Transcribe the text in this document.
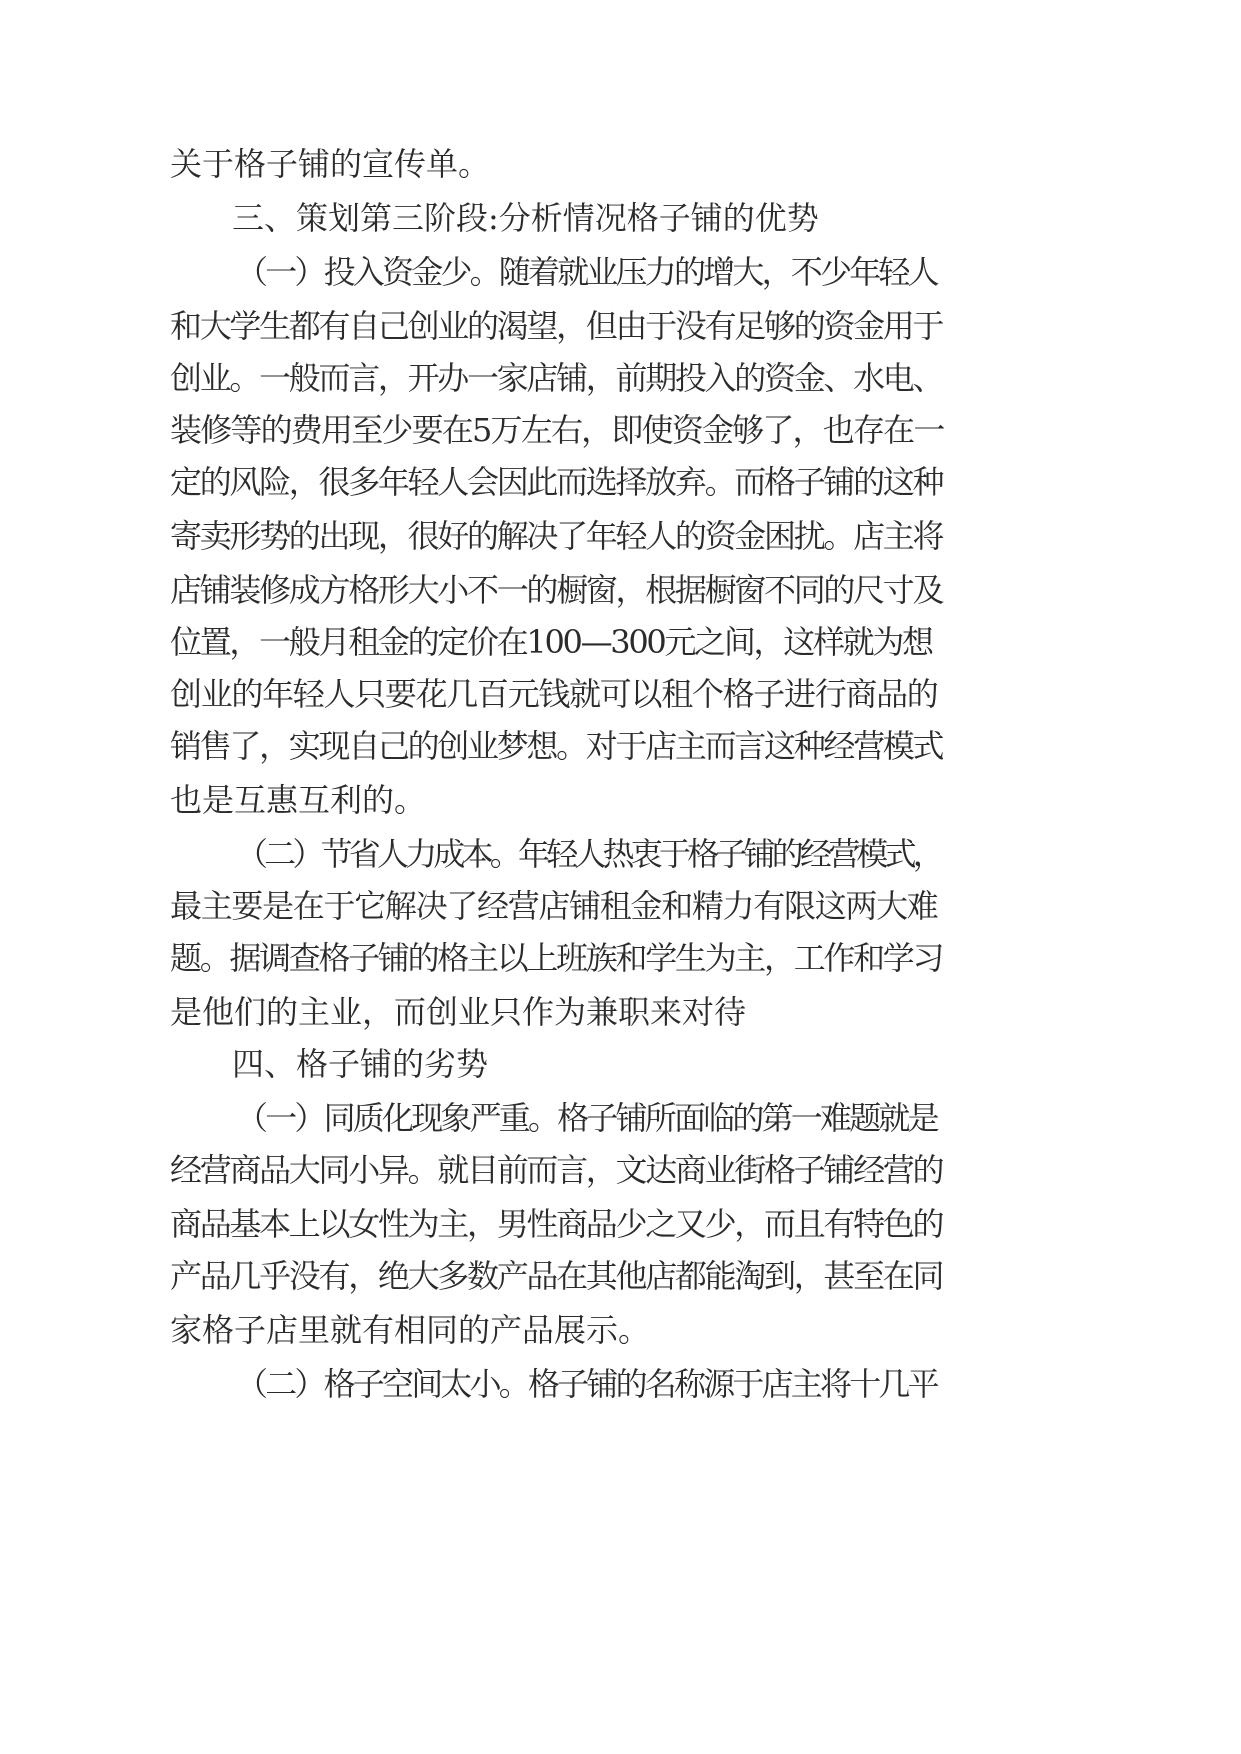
关于格子铺的宣传单。
三、策划第三阶段:分析情况格子铺的优势
（一）投入资金少。随着就业压力的增大，不少年轻人
和大学生都有自己创业的渴望，但由于没有足够的资金用于
创业。一般而言，开办一家店铺，前期投入的资金、水电、
装修等的费用至少要在5万左右，即使资金够了，也存在一
定的风险，很多年轻人会因此而选择放弃。而格子铺的这种
寄卖形势的出现，很好的解决了年轻人的资金困扰。店主将
店铺装修成方格形大小不一的橱窗，根据橱窗不同的尺寸及
位置，一般月租金的定价在100—300元之间，这样就为想
创业的年轻人只要花几百元钱就可以租个格子进行商品的
销售了，实现自己的创业梦想。对于店主而言这种经营模式
也是互惠互利的。
（二）节省人力成本。年轻人热衷于格子铺的经营模式，
最主要是在于它解决了经营店铺租金和精力有限这两大难
题。据调查格子铺的格主以上班族和学生为主，工作和学习
是他们的主业，而创业只作为兼职来对待
四、格子铺的劣势
（一）同质化现象严重。格子铺所面临的第一难题就是
经营商品大同小异。就目前而言，文达商业街格子铺经营的
商品基本上以女性为主，男性商品少之又少，而且有特色的
产品几乎没有，绝大多数产品在其他店都能淘到，甚至在同
家格子店里就有相同的产品展示。
（二）格子空间太小。格子铺的名称源于店主将十几平
